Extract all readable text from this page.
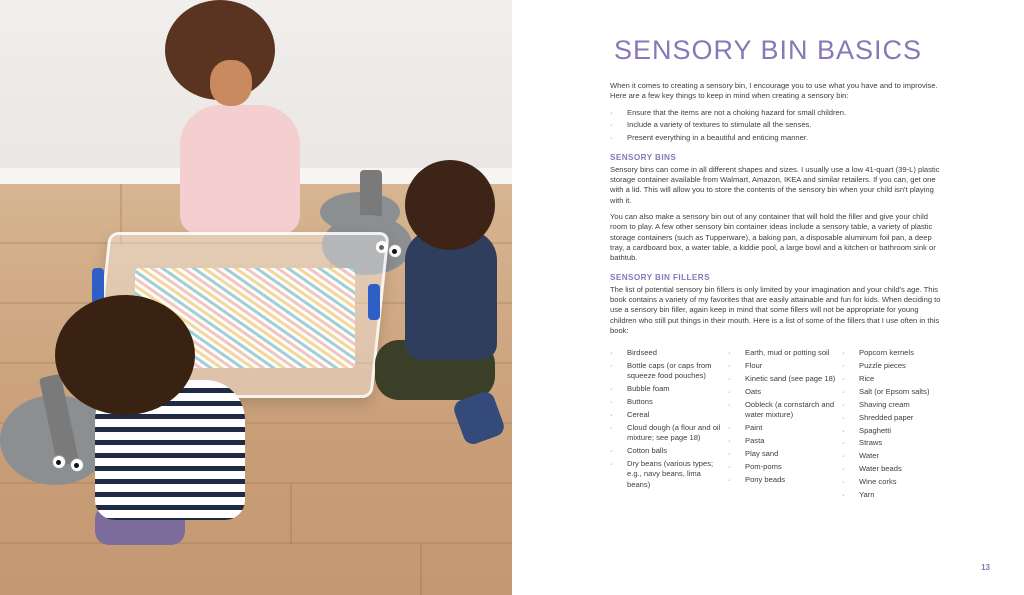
SENSORY BIN BASICS

When it comes to creating a sensory bin, I encourage you to use what you have and to improvise. Here are a few key things to keep in mind when creating a sensory bin:

· Ensure that the items are not a choking hazard for small children.
· Include a variety of textures to stimulate all the senses.
· Present everything in a beautiful and enticing manner.
SENSORY BINS

Sensory bins can come in all different shapes and sizes. I usually use a low 41-quart (39-L) plastic storage container available from Walmart, Amazon, IKEA and similar retailers. If you can, get one with a lid. This will allow you to store the contents of the sensory bin when your child isn't playing with it.

You can also make a sensory bin out of any container that will hold the filler and give your child room to play. A few other sensory bin container ideas include a sensory table, a variety of plastic storage containers (such as Tupperware), a baking pan, a disposable aluminum foil pan, a deep tray, a cardboard box, a water table, a kiddie pool, a large bowl and a kitchen or bathroom sink or bathtub.

SENSORY BIN FILLERS

The list of potential sensory bin fillers is only limited by your imagination and your child's age. This book contains a variety of my favorites that are easily attainable and fun for kids. When deciding to use a sensory bin filler, again keep in mind that some fillers will not be appropriate for young children who still put things in their mouth. Here is a list of some of the fillers that I use often in this book:

· Birdseed
· Bottle caps (or caps from squeeze food pouches)
· Bubble foam
· Buttons
· Cereal
· Cloud dough (a flour and oil mixture; see page 18)
· Cotton balls
· Dry beans (various types; e.g., navy beans, lima beans)
· Earth, mud or potting soil
· Flour
· Kinetic sand (see page 18)
· Oats
· Oobleck (a cornstarch and water mixture)
· Paint
· Pasta
· Play sand
· Pom-poms
· Pony beads
· Popcorn kernels
· Puzzle pieces
· Rice
· Salt (or Epsom salts)
· Shaving cream
· Shredded paper
· Spaghetti
· Straws
· Water
· Water beads
· Wine corks
· Yarn
13
